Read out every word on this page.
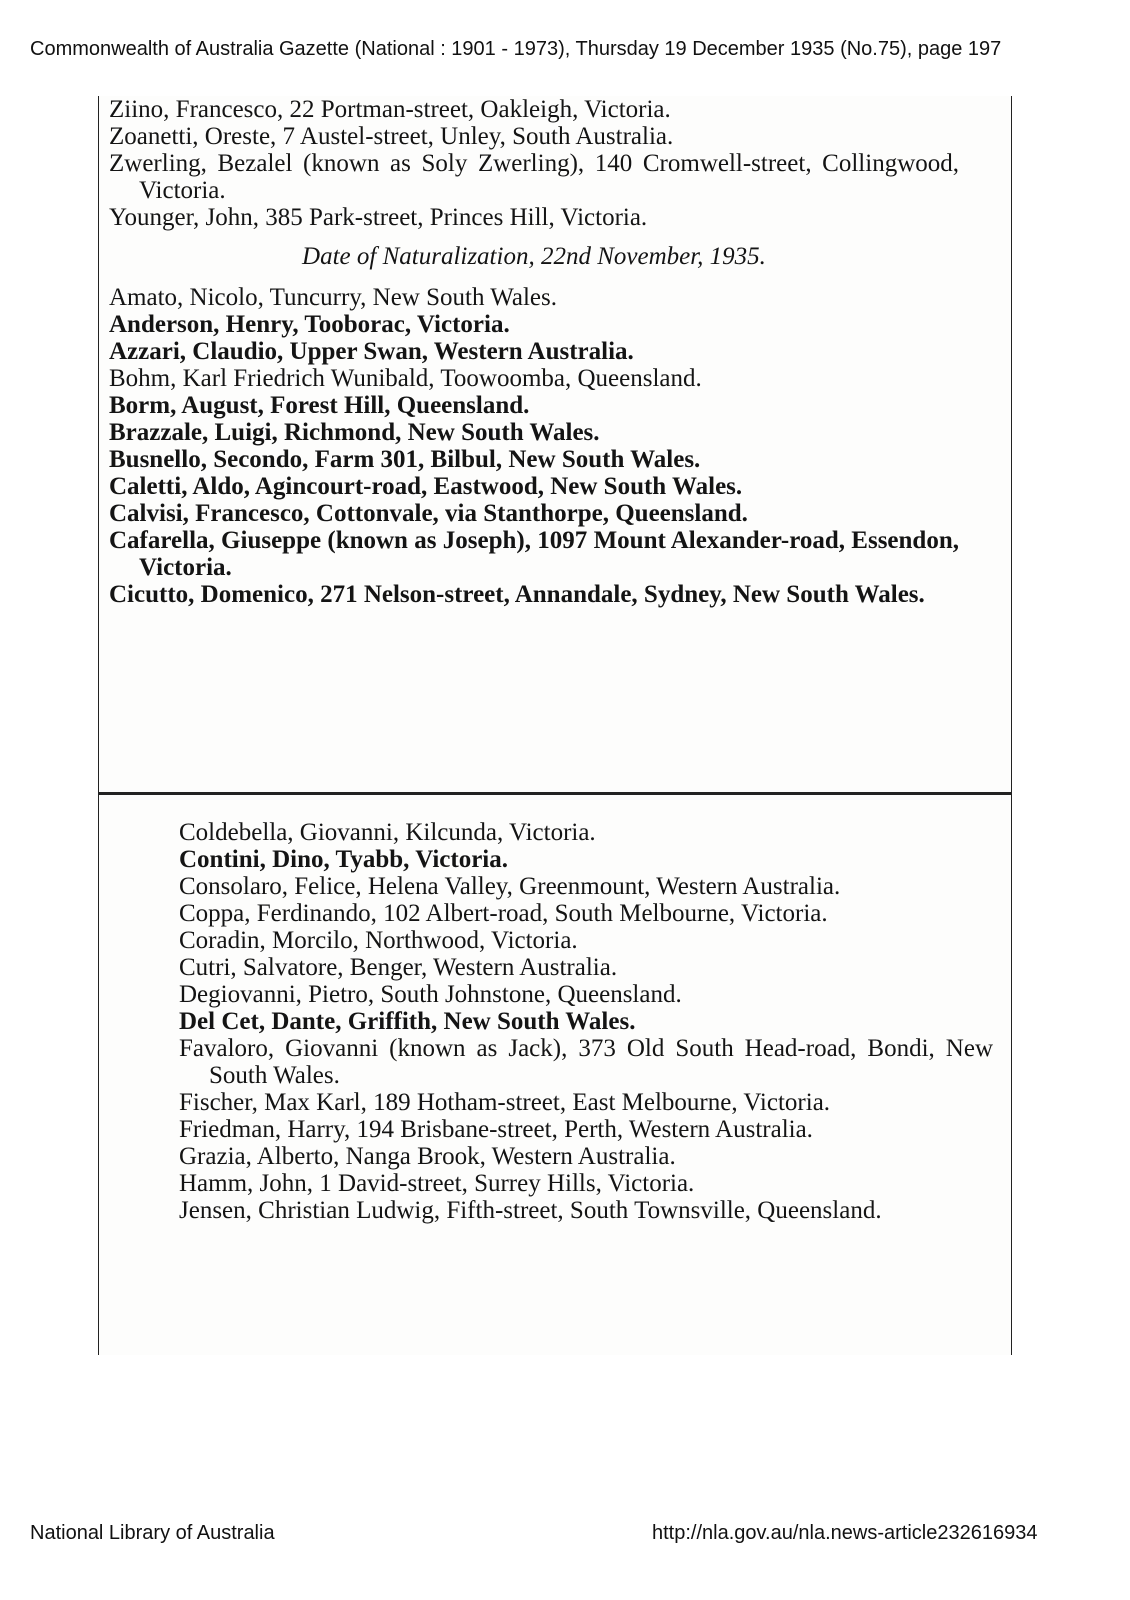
Commonwealth of Australia Gazette (National : 1901 - 1973), Thursday 19 December 1935 (No.75), page 197

Ziino, Francesco, 22 Portman-street, Oakleigh, Victoria.

Zoanetti, Oreste, 7 Austel-street, Unley, South Australia.

Zwerling, Bezalel (known as Soly Zwerling), 140 Cromwell-street, Collingwood, Victoria.

Younger, John, 385 Park-street, Princes Hill, Victoria.

Date of Naturalization, 22nd November, 1935.

Amato, Nicolo, Tuncurry, New South Wales.

Anderson, Henry, Tooborac, Victoria.

Azzari, Claudio, Upper Swan, Western Australia.

Bohm, Karl Friedrich Wunibald, Toowoomba, Queensland.

Borm, August, Forest Hill, Queensland.

Brazzale, Luigi, Richmond, New South Wales.

Busnello, Secondo, Farm 301, Bilbul, New South Wales.

Caletti, Aldo, Agincourt-road, Eastwood, New South Wales.

Calvisi, Francesco, Cottonvale, via Stanthorpe, Queensland.

Cafarella, Giuseppe (known as Joseph), 1097 Mount Alexander-road, Essendon, Victoria.

Cicutto, Domenico, 271 Nelson-street, Annandale, Sydney, New South Wales.

Coldebella, Giovanni, Kilcunda, Victoria.

Contini, Dino, Tyabb, Victoria.

Consolaro, Felice, Helena Valley, Greenmount, Western Australia.

Coppa, Ferdinando, 102 Albert-road, South Melbourne, Victoria.

Coradin, Morcilo, Northwood, Victoria.

Cutri, Salvatore, Benger, Western Australia.

Degiovanni, Pietro, South Johnstone, Queensland.

Del Cet, Dante, Griffith, New South Wales.

Favaloro, Giovanni (known as Jack), 373 Old South Head-road, Bondi, New South Wales.

Fischer, Max Karl, 189 Hotham-street, East Melbourne, Victoria.

Friedman, Harry, 194 Brisbane-street, Perth, Western Australia.

Grazia, Alberto, Nanga Brook, Western Australia.

Hamm, John, 1 David-street, Surrey Hills, Victoria.

Jensen, Christian Ludwig, Fifth-street, South Townsville, Queensland.

National Library of Australia	http://nla.gov.au/nla.news-article232616934
